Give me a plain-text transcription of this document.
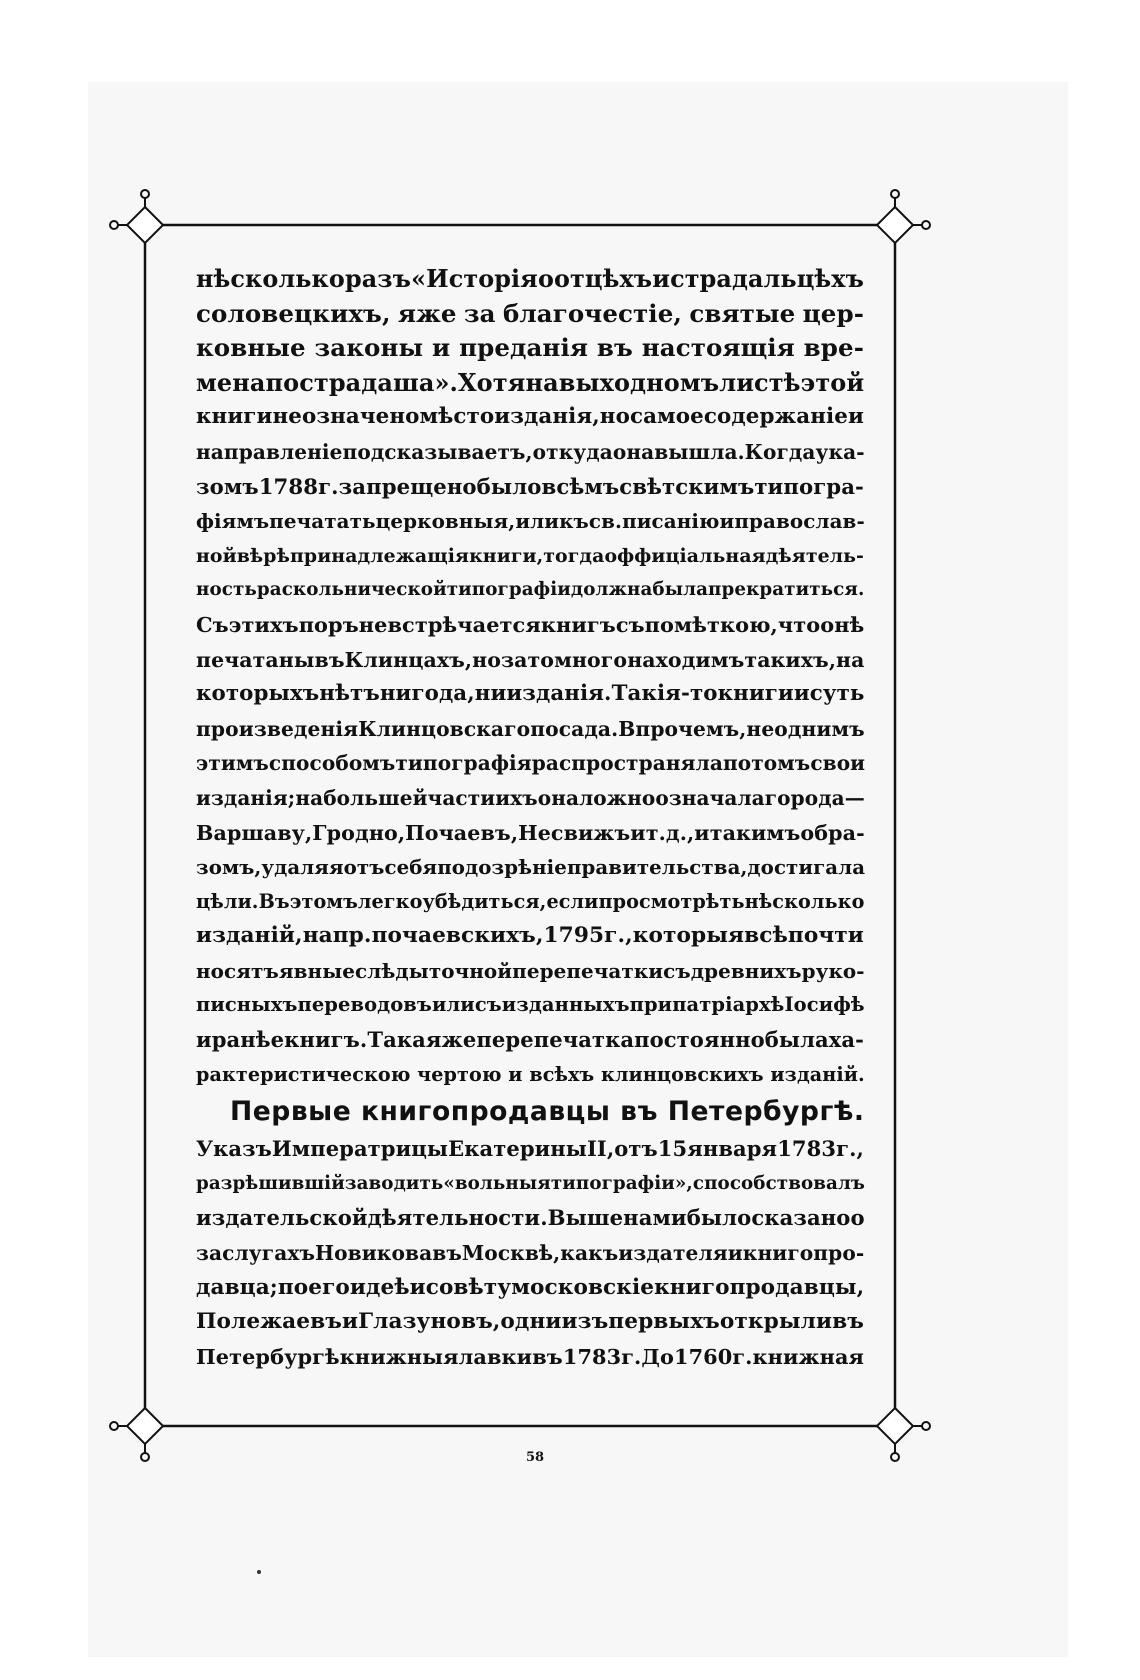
нѣсколько разъ «Исторія о отцѣхъ и страдальцѣхъ
соловецкихъ, яже за благочестіе, святые цер-
ковные законы и преданія въ настоящія вре-
мена пострадаша». Хотя на выходномъ листѣ этой
книги не означено мѣсто изданія, но самое содержаніе и
направленіе подсказываетъ, откуда она вышла. Когда ука-
зомъ 1788 г. запрещено было всѣмъ свѣтскимъ типогра-
фіямъ печатать церковныя, или къ св. писанію и православ-
ной вѣрѣ принадлежащія книги, тогда оффиціальная дѣятель-
ность раскольнической типографіи должна была прекратиться.
Съ этихъ поръ не встрѣчается книгъ съ помѣткою, что онѣ
печатаны въ Клинцахъ, но зато много находимъ такихъ, на
которыхъ нѣтъ ни года, ни изданія. Такія-то книги и суть
произведенія Клинцовскаго посада. Впрочемъ, не однимъ
этимъ способомъ типографія распространяла потомъ свои
изданія; на большей части ихъ она ложно означала города—
Варшаву, Гродно, Почаевъ, Несвижъ и т. д., и такимъ обра-
зомъ, удаляя отъ себя подозрѣніе правительства, достигала
цѣли. Въ этомъ легко убѣдиться, если просмотрѣть нѣсколько
изданій, напр. почаевскихъ, 1795 г., которыя всѣ почти
носятъ явные слѣды точной перепечатки съ древнихъ руко-
писныхъ переводовъ или съ изданныхъ при патріархѣ Іосифѣ
и ранѣе книгъ. Такая же перепечатка постоянно была ха-
рактеристическою чертою и всѣхъ клинцовскихъ изданій.
Первые книгопродавцы въ Петербургѣ.
Указъ Императрицы Екатерины II, отъ 15 января 1783 г.,
разрѣшившій заводить «вольныя типографіи», способствовалъ
издательской дѣятельности. Выше нами было сказано о
заслугахъ Новикова въ Москвѣ, какъ издателя и книгопро-
давца; по его идеѣ и совѣту московскіе книгопродавцы,
Полежаевъ и Глазуновъ, одни изъ первыхъ открыли въ
Петербургѣ книжныя лавки въ 1783 г. До 1760 г. книжная
58
